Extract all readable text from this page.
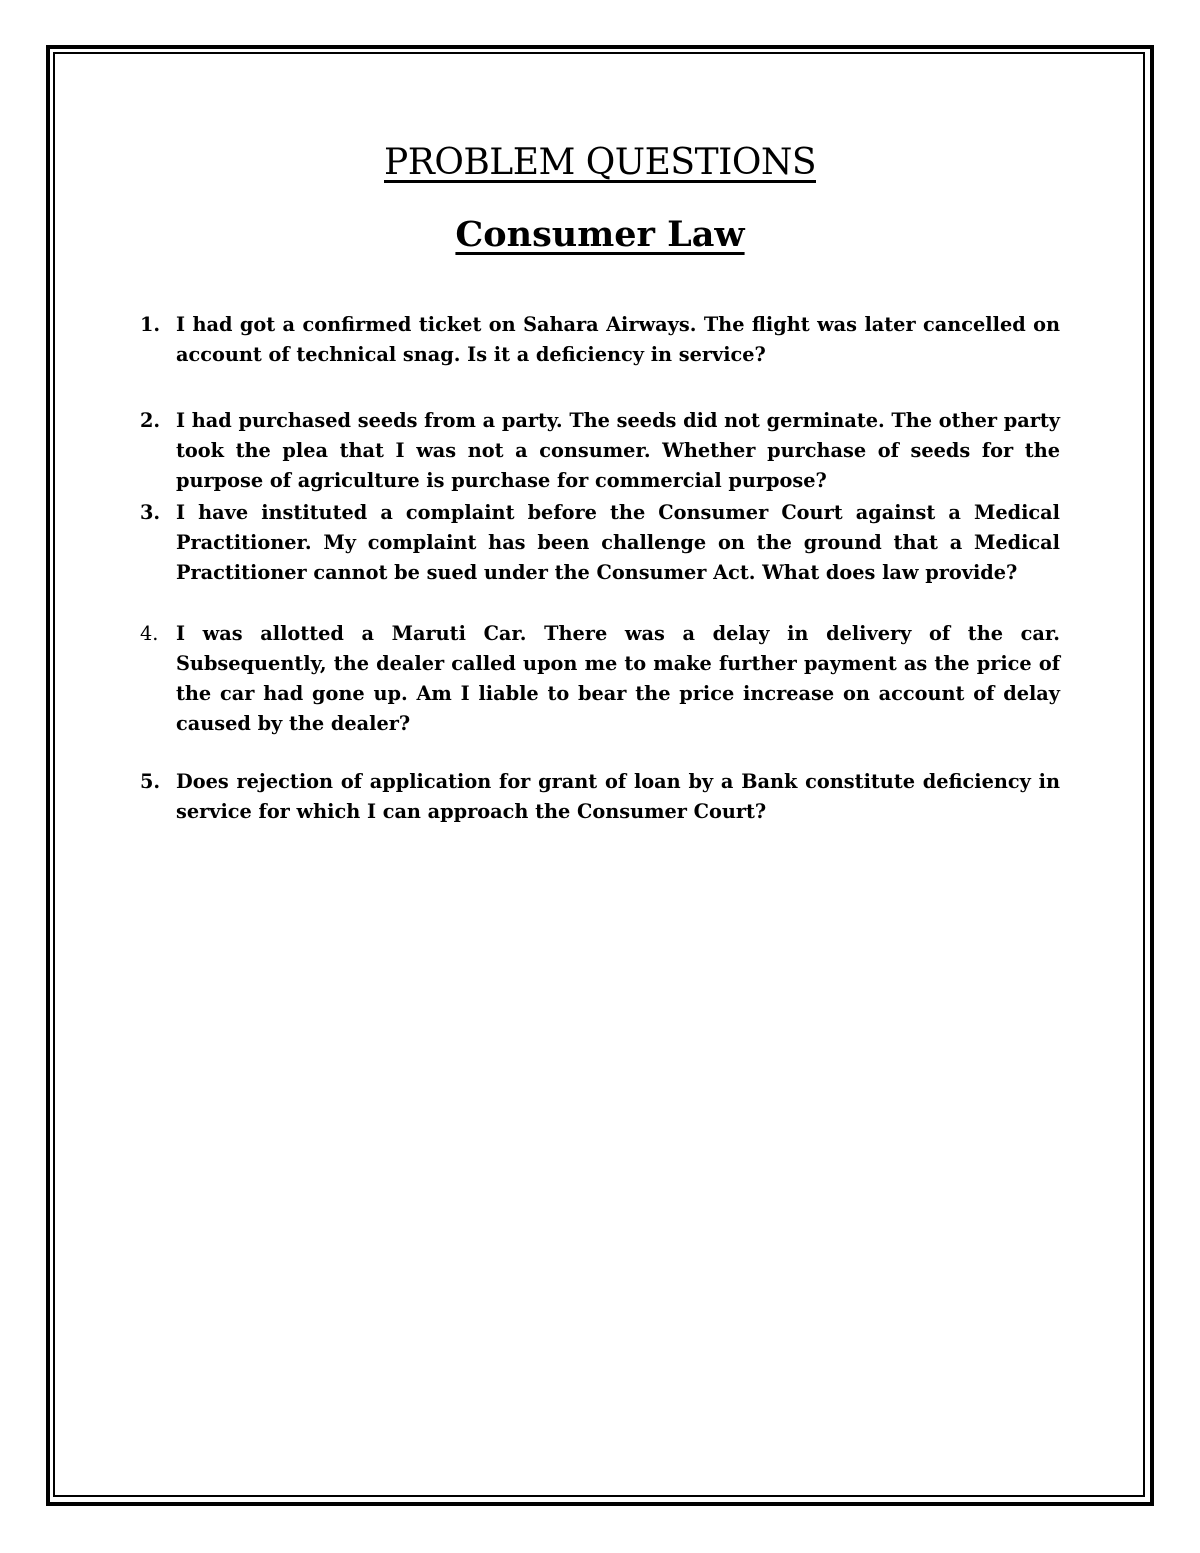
PROBLEM QUESTIONS
Consumer Law
1. I had got a confirmed ticket on Sahara Airways. The flight was later cancelled on account of technical snag. Is it a deficiency in service?
2. I had purchased seeds from a party. The seeds did not germinate. The other party took the plea that I was not a consumer. Whether purchase of seeds for the purpose of agriculture is purchase for commercial purpose?
3. I have instituted a complaint before the Consumer Court against a Medical Practitioner. My complaint has been challenge on the ground that a Medical Practitioner cannot be sued under the Consumer Act. What does law provide?
4. I was allotted a Maruti Car. There was a delay in delivery of the car. Subsequently, the dealer called upon me to make further payment as the price of the car had gone up. Am I liable to bear the price increase on account of delay caused by the dealer?
5. Does rejection of application for grant of loan by a Bank constitute deficiency in service for which I can approach the Consumer Court?
